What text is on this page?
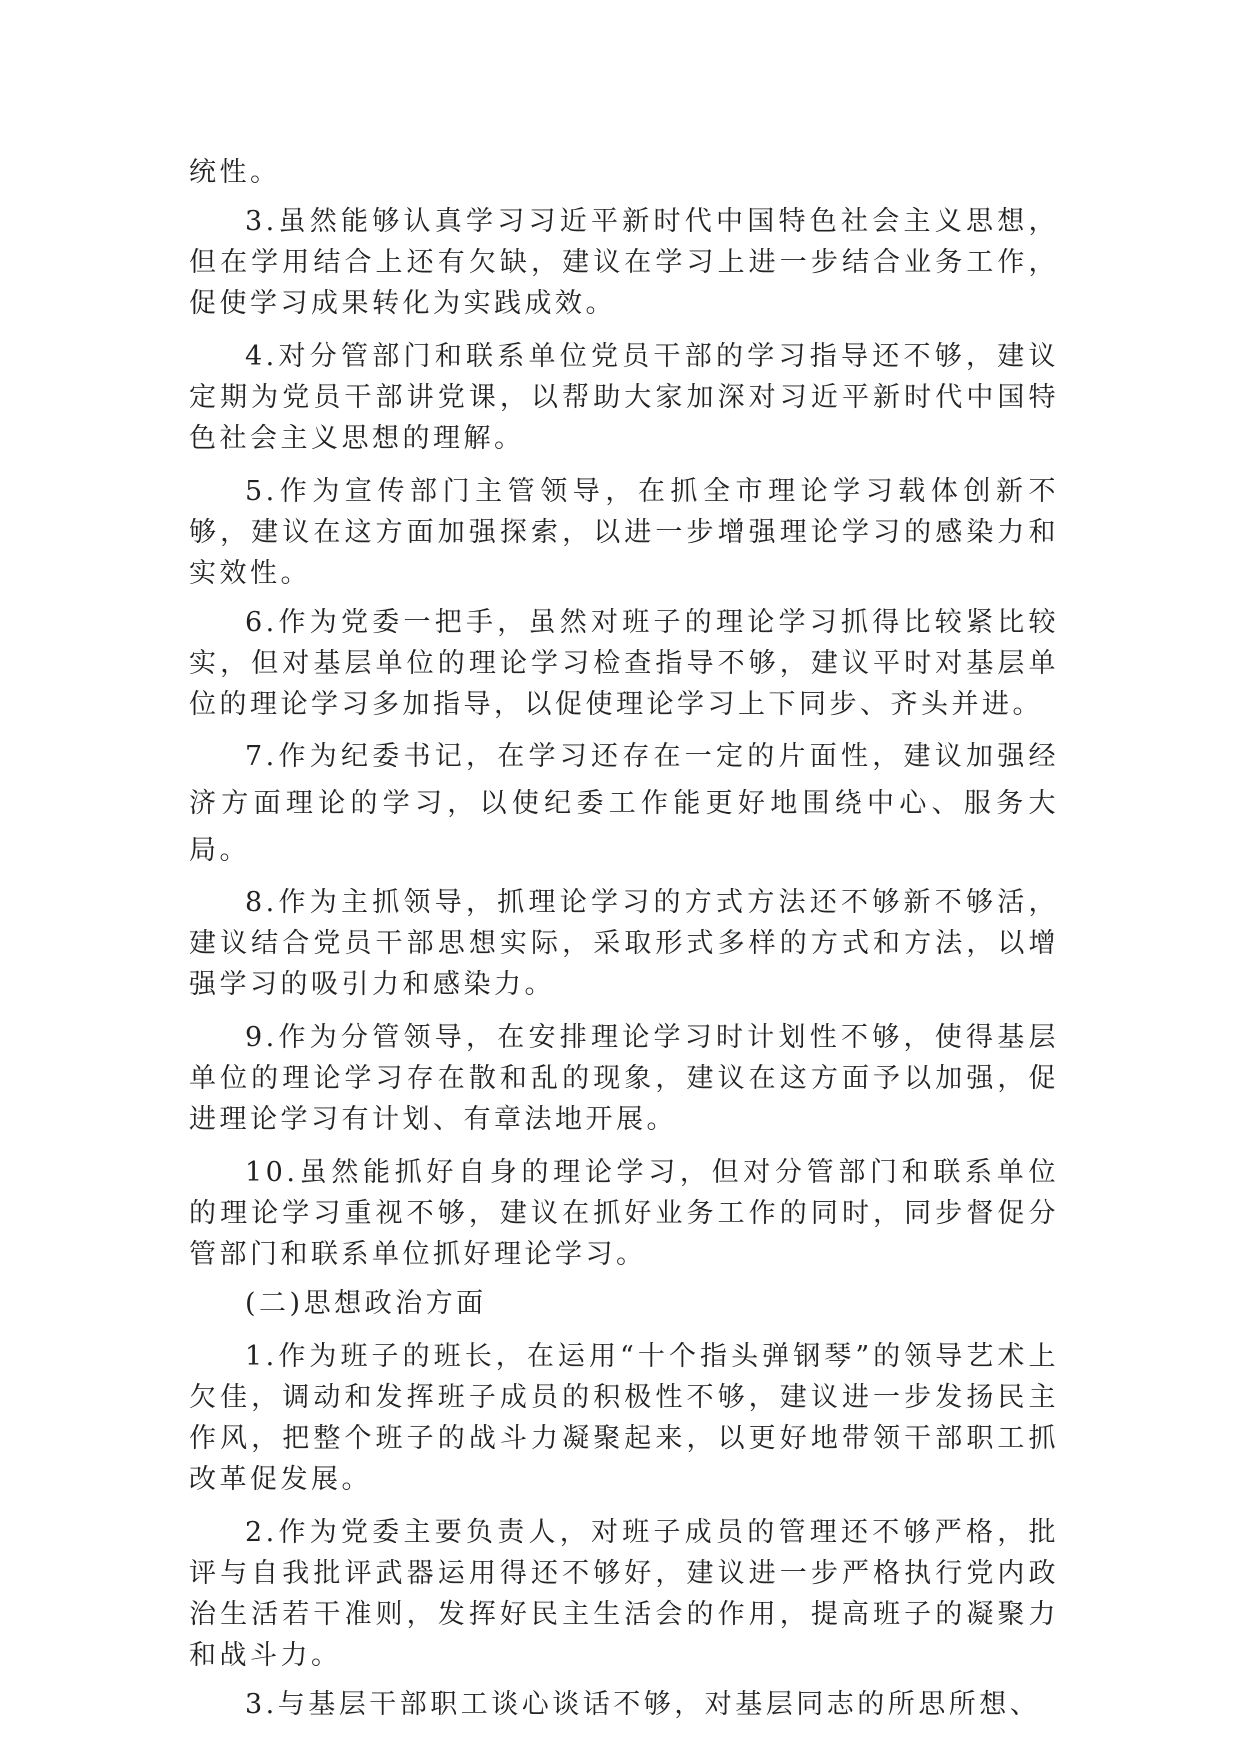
统性。

3.虽然能够认真学习习近平新时代中国特色社会主义思想，但在学用结合上还有欠缺，建议在学习上进一步结合业务工作，促使学习成果转化为实践成效。

4.对分管部门和联系单位党员干部的学习指导还不够，建议定期为党员干部讲党课，以帮助大家加深对习近平新时代中国特色社会主义思想的理解。

5.作为宣传部门主管领导，在抓全市理论学习载体创新不够，建议在这方面加强探索，以进一步增强理论学习的感染力和实效性。

6.作为党委一把手，虽然对班子的理论学习抓得比较紧比较实，但对基层单位的理论学习检查指导不够，建议平时对基层单位的理论学习多加指导，以促使理论学习上下同步、齐头并进。

7.作为纪委书记，在学习还存在一定的片面性，建议加强经济方面理论的学习，以使纪委工作能更好地围绕中心、服务大局。

8.作为主抓领导，抓理论学习的方式方法还不够新不够活，建议结合党员干部思想实际，采取形式多样的方式和方法，以增强学习的吸引力和感染力。

9.作为分管领导，在安排理论学习时计划性不够，使得基层单位的理论学习存在散和乱的现象，建议在这方面予以加强，促进理论学习有计划、有章法地开展。

10.虽然能抓好自身的理论学习，但对分管部门和联系单位的理论学习重视不够，建议在抓好业务工作的同时，同步督促分管部门和联系单位抓好理论学习。

(二)思想政治方面

1.作为班子的班长，在运用“十个指头弹钢琴”的领导艺术上欠佳，调动和发挥班子成员的积极性不够，建议进一步发扬民主作风，把整个班子的战斗力凝聚起来，以更好地带领干部职工抓改革促发展。

2.作为党委主要负责人，对班子成员的管理还不够严格，批评与自我批评武器运用得还不够好，建议进一步严格执行党内政治生活若干准则，发挥好民主生活会的作用，提高班子的凝聚力和战斗力。

3.与基层干部职工谈心谈话不够，对基层同志的所思所想、
